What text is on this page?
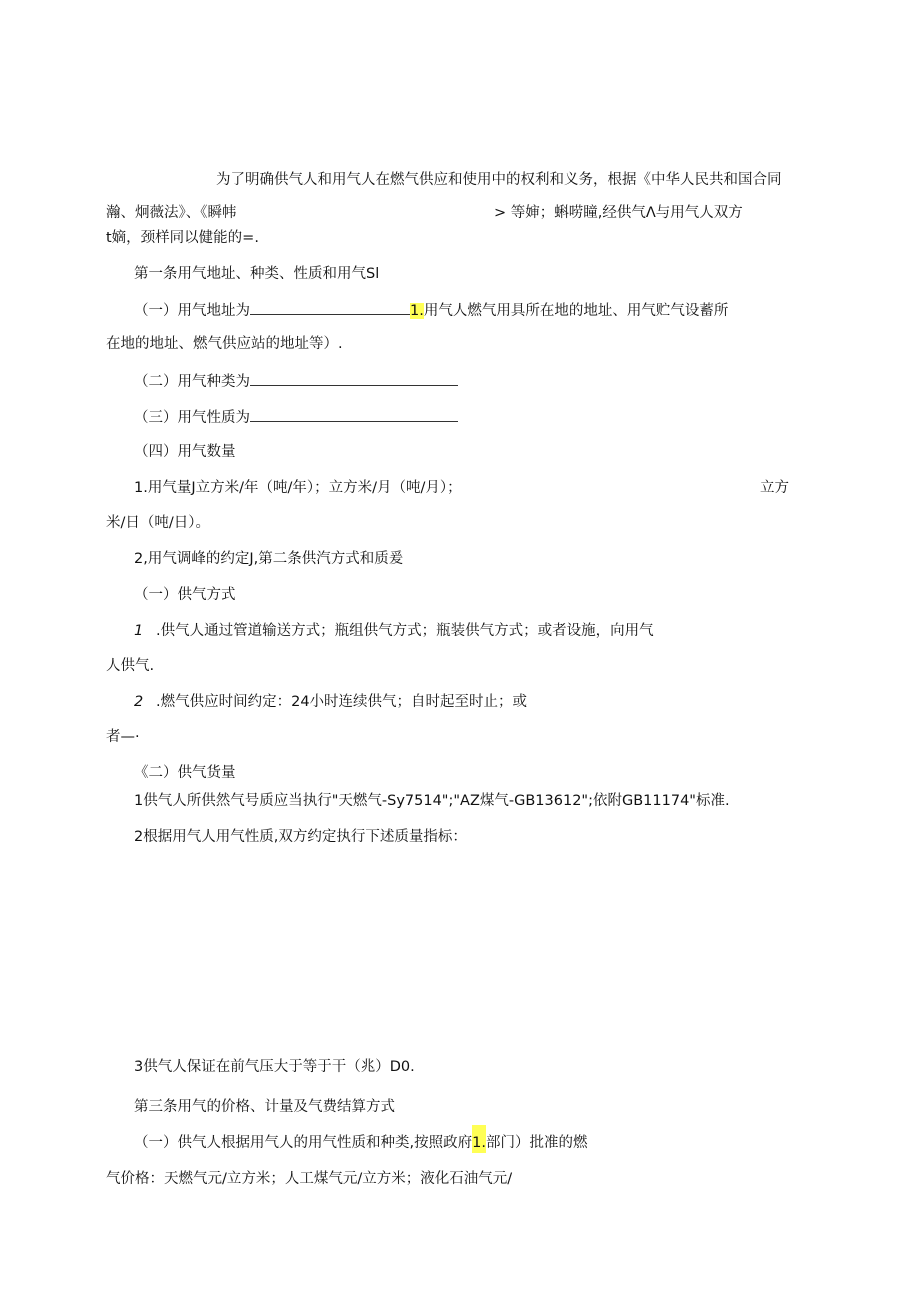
为了明确供气人和用气人在燃气供应和使用中的权利和义务，根据《中华人民共和国合同
瀚、炯薇法》、《瞬帏	> 等婶；蝌唠瞳,经供气Λ与用气人双方
t嫡，颈样同以健能的=.
第一条用气地址、种类、性质和用气Sl
（一）用气地址为	1.用气人燃气用具所在地的地址、用气贮气设蓄所
在地的地址、燃气供应站的地址等）.
（二）用气种类为
（三）用气性质为
（四）用气数量
1.用气量J立方米/年（吨/年）；立方米/月（吨/月）；	立方
米/日（吨/日）。
2,用气调峰的约定J,第二条供汽方式和质爰
（一）供气方式
1 .供气人通过管道输送方式；瓶组供气方式；瓶装供气方式；或者设施，向用气
人供气.
2 .燃气供应时间约定：24小时连续供气；自时起至时止；或
者—·
《二）供气货量
1供气人所供然气号质应当执行"天燃气-Sy7514";"AZ煤气-GB13612";依附GB11174"标准.
2根据用气人用气性质,双方约定执行下述质量指标：
3供气人保证在前气压大于等于干（兆）D0.
第三条用气的价格、计量及气费结算方式
（一）供气人根据用气人的用气性质和种类,按照政府1.部门）批准的燃
气价格：天燃气元/立方米；人工煤气元/立方米；液化石油气元/
